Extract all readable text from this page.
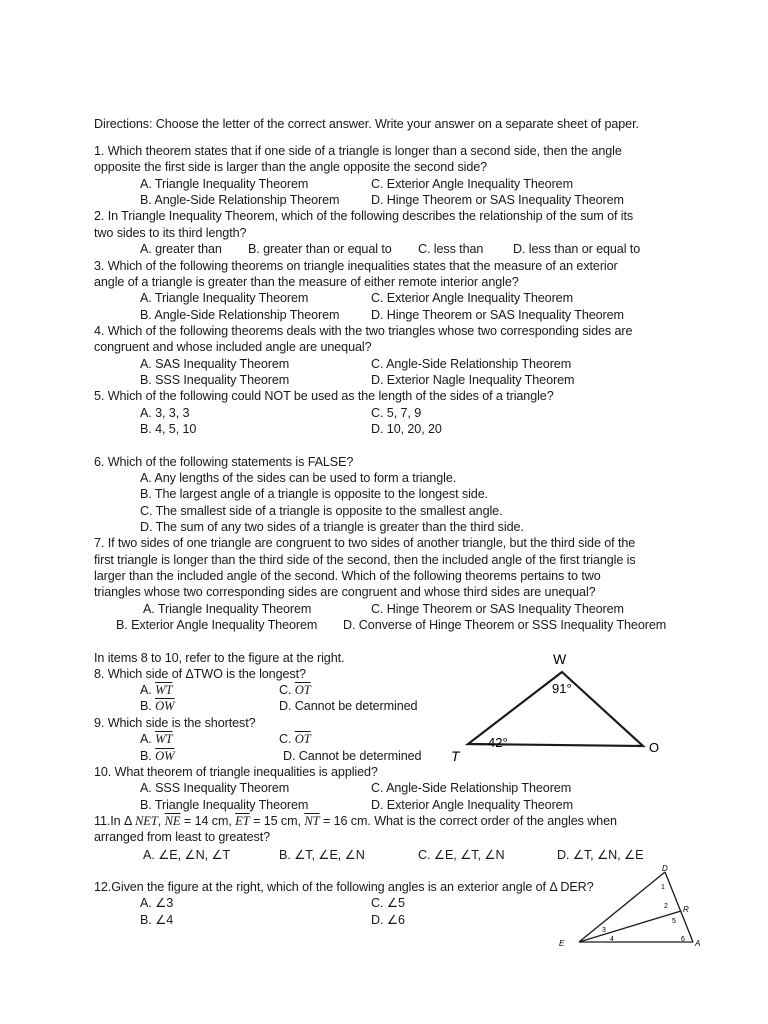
Directions: Choose the letter of the correct answer. Write your answer on a separate sheet of paper.
1. Which theorem states that if one side of a triangle is longer than a second side, then the angle
opposite the first side is larger than the angle opposite the second side?
A. Triangle Inequality Theorem	C. Exterior Angle Inequality Theorem
B. Angle-Side Relationship Theorem	D. Hinge Theorem or SAS Inequality Theorem
2. In Triangle Inequality Theorem, which of the following describes the relationship of the sum of its
two sides to its third length?
A. greater than B. greater than or equal to C. less than D. less than or equal to
3. Which of the following theorems on triangle inequalities states that the measure of an exterior
angle of a triangle is greater than the measure of either remote interior angle?
A. Triangle Inequality Theorem	C. Exterior Angle Inequality Theorem
B. Angle-Side Relationship Theorem	D. Hinge Theorem or SAS Inequality Theorem
4. Which of the following theorems deals with the two triangles whose two corresponding sides are
congruent and whose included angle are unequal?
A. SAS Inequality Theorem	C. Angle-Side Relationship Theorem
B. SSS Inequality Theorem	D. Exterior Nagle Inequality Theorem
5. Which of the following could NOT be used as the length of the sides of a triangle?
A. 3, 3, 3	C. 5, 7, 9
B. 4, 5, 10	D. 10, 20, 20
6. Which of the following statements is FALSE?
A. Any lengths of the sides can be used to form a triangle.
B. The largest angle of a triangle is opposite to the longest side.
C. The smallest side of a triangle is opposite to the smallest angle.
D. The sum of any two sides of a triangle is greater than the third side.
7. If two sides of one triangle are congruent to two sides of another triangle, but the third side of the
first triangle is longer than the third side of the second, then the included angle of the first triangle is
larger than the included angle of the second. Which of the following theorems pertains to two
triangles whose two corresponding sides are congruent and whose third sides are unequal?
A. Triangle Inequality Theorem	C. Hinge Theorem or SAS Inequality Theorem
B. Exterior Angle Inequality Theorem D. Converse of Hinge Theorem or SSS Inequality Theorem
In items 8 to 10, refer to the figure at the right.
8. Which side of ΔTWO is the longest?
A. $\overline{WT}$	C. $\overline{OT}$
B. $\overline{OW}$	D. Cannot be determined
9. Which side is the shortest?
A. $\overline{WT}$	C. $\overline{OT}$
B. $\overline{OW}$	D. Cannot be determined
10. What theorem of triangle inequalities is applied?
A. SSS Inequality Theorem	C. Angle-Side Relationship Theorem
B. Triangle Inequality Theorem	D. Exterior Angle Inequality Theorem
11.In Δ NET, $\overline{NE} = 14$ cm, $\overline{ET} = 15$ cm, $\overline{NT} = 16$ cm. What is the correct order of the angles when
arranged from least to greatest?
A. ∠E, ∠N, ∠T	B. ∠T, ∠E, ∠N	C. ∠E, ∠T, ∠N	D. ∠T, ∠N, ∠E
12.Given the figure at the right, which of the following angles is an exterior angle of Δ DER?
A. ∠3	C. ∠5
B. ∠4	D. ∠6
W
T
O
91°
42°
D
R
E	A
1
2
3
4
5
6
